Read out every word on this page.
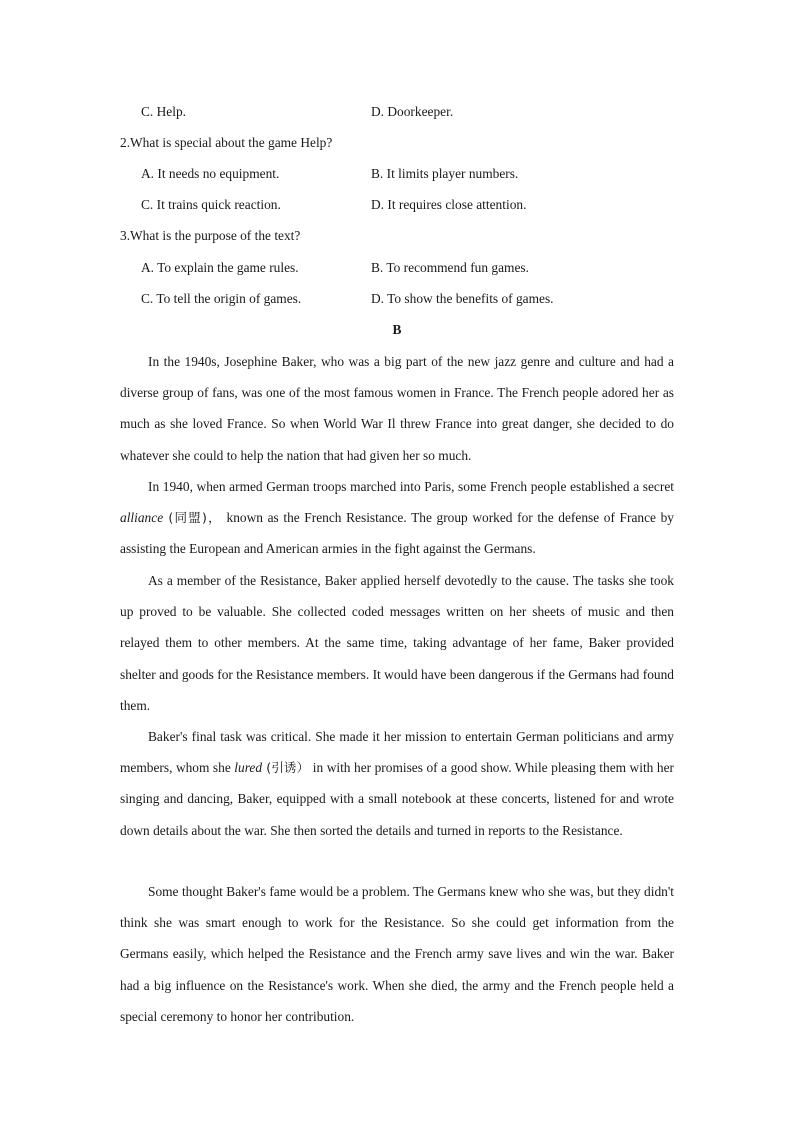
C. Help.	D. Doorkeeper.
2.What is special about the game Help?
A. It needs no equipment.	B. It limits player numbers.
C. It trains quick reaction.	D. It requires close attention.
3.What is the purpose of the text?
A. To explain the game rules.	B. To recommend fun games.
C. To tell the origin of games.	D. To show the benefits of games.
B

In the 1940s, Josephine Baker, who was a big part of the new jazz genre and culture and had a diverse group of fans, was one of the most famous women in France. The French people adored her as much as she loved France. So when World War Il threw France into great danger, she decided to do whatever she could to help the nation that had given her so much.

In 1940, when armed German troops marched into Paris, some French people established a secret alliance (同盟)， known as the French Resistance. The group worked for the defense of France by assisting the European and American armies in the fight against the Germans.

As a member of the Resistance, Baker applied herself devotedly to the cause. The tasks she took up proved to be valuable. She collected coded messages written on her sheets of music and then relayed them to other members. At the same time, taking advantage of her fame, Baker provided shelter and goods for the Resistance members. It would have been dangerous if the Germans had found them.

Baker's final task was critical. She made it her mission to entertain German politicians and army members, whom she lured (引诱） in with her promises of a good show. While pleasing them with her singing and dancing, Baker, equipped with a small notebook at these concerts, listened for and wrote down details about the war. She then sorted the details and turned in reports to the Resistance.

Some thought Baker's fame would be a problem. The Germans knew who she was, but they didn't think she was smart enough to work for the Resistance. So she could get information from the Germans easily, which helped the Resistance and the French army save lives and win the war. Baker had a big influence on the Resistance's work. When she died, the army and the French people held a special ceremony to honor her contribution.
